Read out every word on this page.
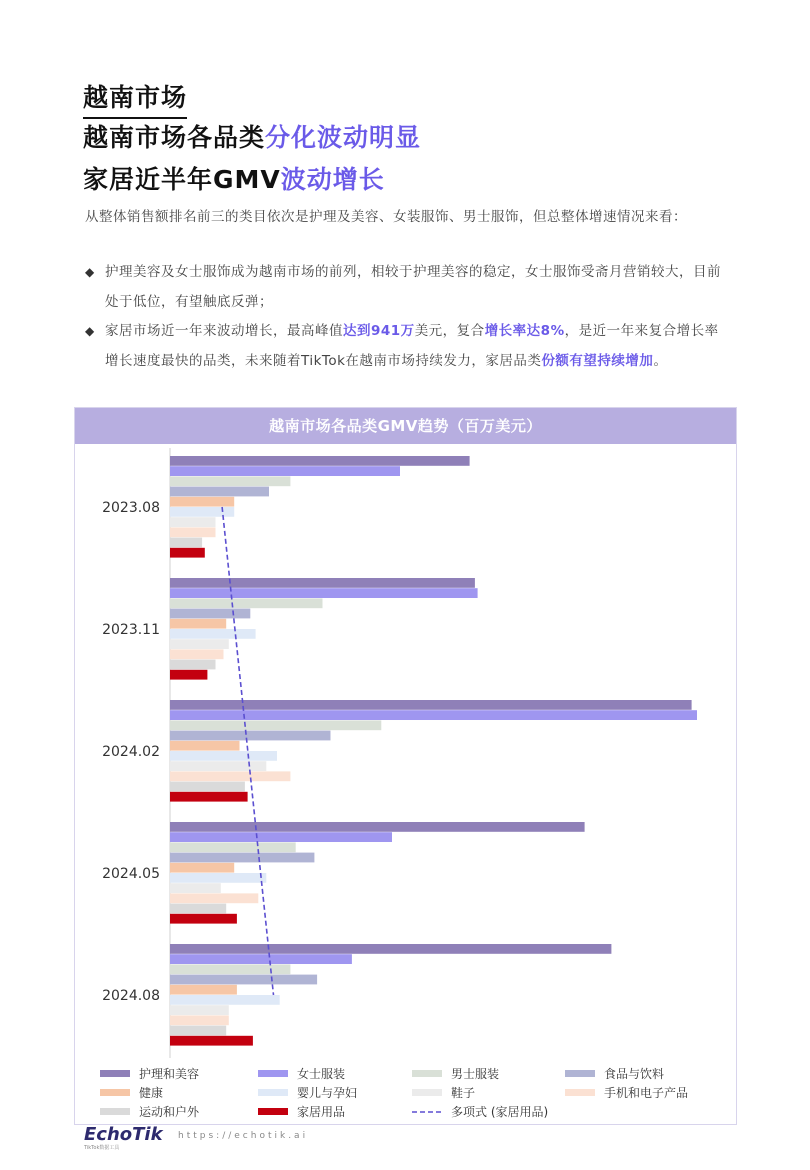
越南市场
越南市场各品类分化波动明显
家居近半年GMV波动增长
从整体销售额排名前三的类目依次是护理及美容、女装服饰、男士服饰，但总整体增速情况来看：
◆ 护理美容及女士服饰成为越南市场的前列，相较于护理美容的稳定，女士服饰受斋月营销较大，目前处于低位，有望触底反弹；
◆ 家居市场近一年来波动增长，最高峰值达到941万美元，复合增长率达8%，是近一年来复合增长率增长速度最快的品类，未来随着TikTok在越南市场持续发力，家居品类份额有望持续增加。
越南市场各品类GMV趋势（百万美元）
2023.08
2023.11
2024.02
2024.05
2024.08
护理和美容	女士服装	男士服装	食品与饮料
健康	婴儿与孕妇	鞋子	手机和电子产品
运动和户外	家居用品	多项式 (家居用品)
EchoTik
TikTok数据工具
https://echotik.ai
